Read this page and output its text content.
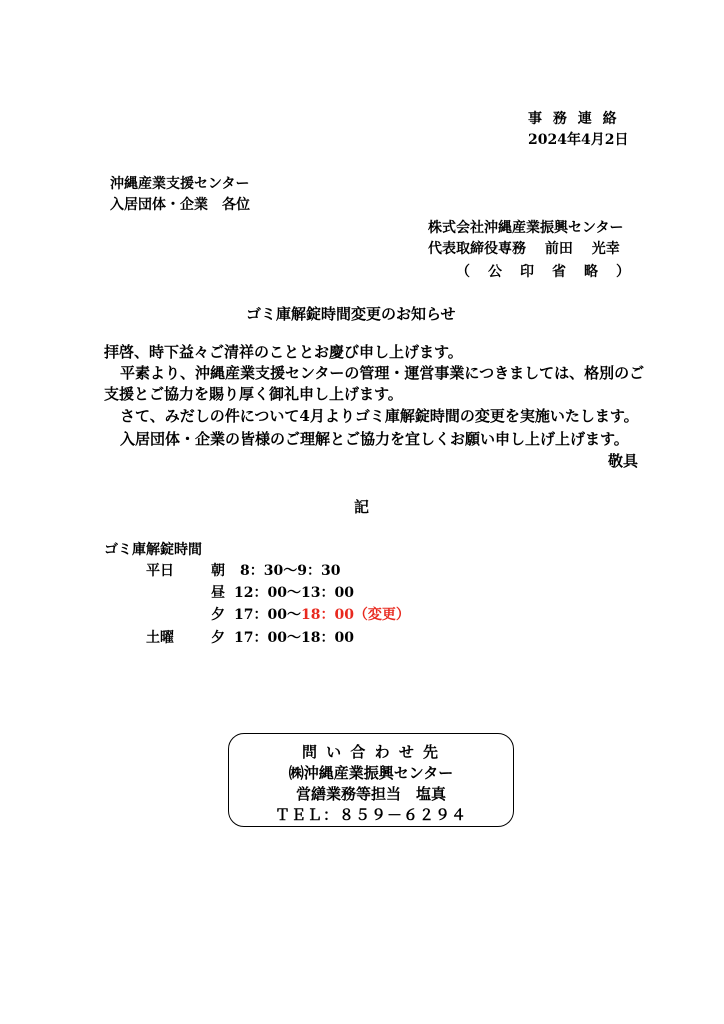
事 務 連 絡
2024年4月2日
沖縄産業支援センター
入居団体・企業　各位
株式会社沖縄産業振興センター
代表取締役専務　 前田　 光幸
（　公　印　省　略　）
ゴミ庫解錠時間変更のお知らせ
拝啓、時下益々ご清祥のこととお慶び申し上げます。
平素より、沖縄産業支援センターの管理・運営事業につきましては、格別のご
支援とご協力を賜り厚く御礼申し上げます。
さて、みだしの件について4月よりゴミ庫解錠時間の変更を実施いたします。
入居団体・企業の皆様のご理解とご協力を宜しくお願い申し上げ上げます。
敬具
記
ゴミ庫解錠時間
平日	朝 8：30～9：30
昼 12：00～13：00
夕 17：00～18：00（変更）
土曜	夕 17：00～18：00
問 い 合 わ せ 先
㈱沖縄産業振興センター
営繕業務等担当　塩真
ＴＥＬ：８５９－６２９４
